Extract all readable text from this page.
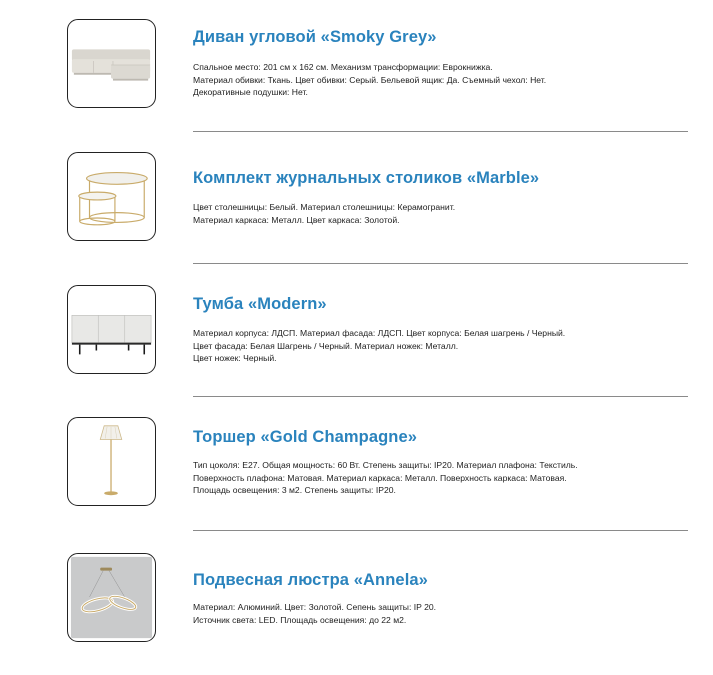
Диван угловой «Smoky Grey»
Спальное место: 201 см х 162 см. Механизм трансформации: Еврокнижка.
Материал обивки: Ткань. Цвет обивки: Серый. Бельевой ящик: Да. Съемный чехол: Нет.
Декоративные подушки: Нет.
Комплект журнальных столиков «Marble»
Цвет столешницы: Белый. Материал столешницы: Керамогранит.
Материал каркаса: Металл. Цвет каркаса: Золотой.
Тумба «Modern»
Материал корпуса: ЛДСП. Материал фасада: ЛДСП. Цвет корпуса: Белая шагрень / Черный.
Цвет фасада: Белая Шагрень / Черный. Материал ножек: Металл.
Цвет ножек: Черный.
Торшер «Gold Champagne»
Тип цоколя: E27. Общая мощность: 60 Вт. Степень защиты: IP20. Материал плафона: Текстиль.
Поверхность плафона: Матовая. Материал каркаса: Металл. Поверхность каркаса: Матовая.
Площадь освещения: 3 м2. Степень защиты: IP20.
Подвесная люстра «Annela»
Материал: Алюминий. Цвет: Золотой. Сепень защиты: IP 20.
Источник света: LED. Площадь освещения: до 22 м2.
